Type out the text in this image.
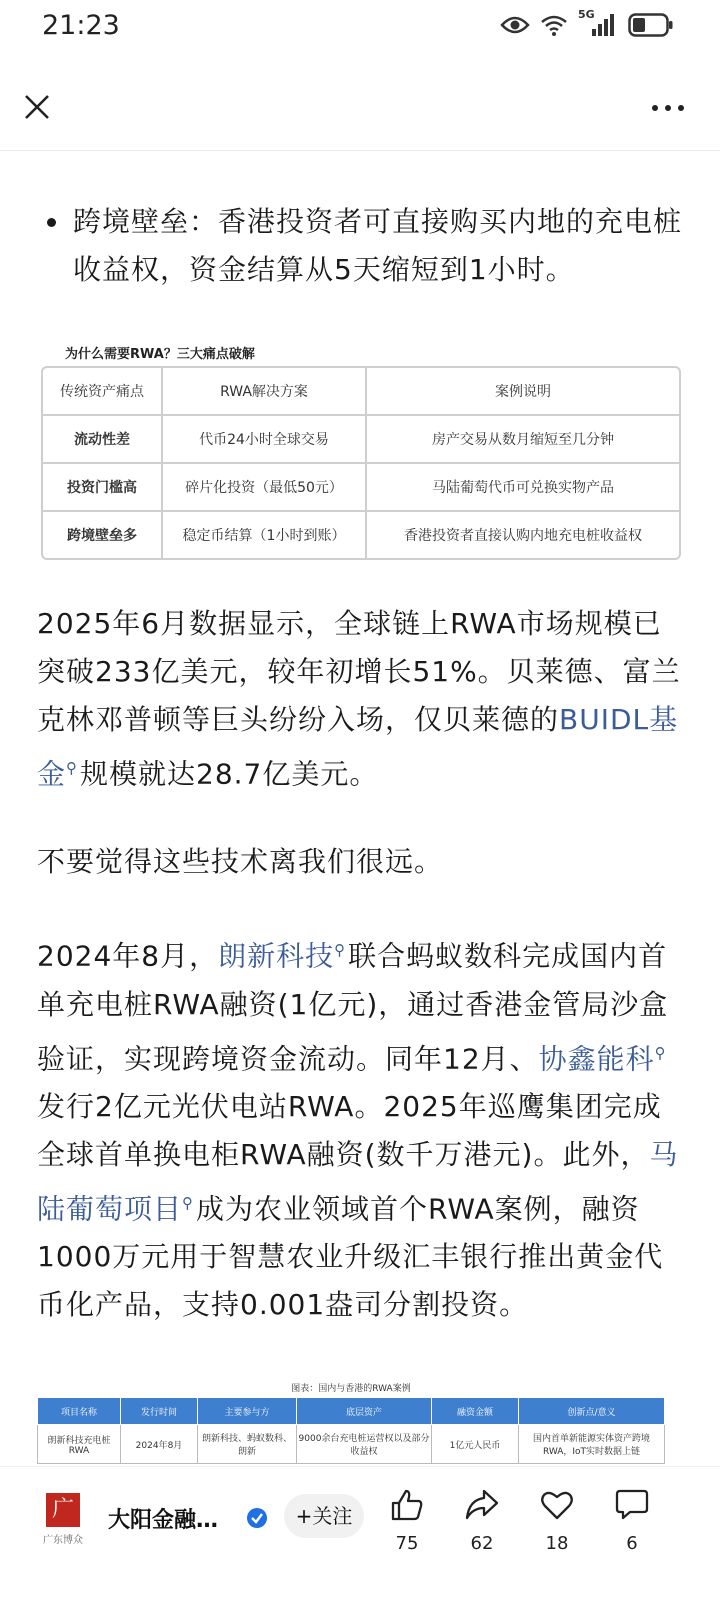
21:23	5G
跨境壁垒：香港投资者可直接购买内地的充电桩收益权，资金结算从5天缩短到1小时。
为什么需要RWA？三大痛点破解
传统资产痛点	RWA解决方案	案例说明
流动性差	代币24小时全球交易	房产交易从数月缩短至几分钟
投资门槛高	碎片化投资（最低50元）	马陆葡萄代币可兑换实物产品
跨境壁垒多	稳定币结算（1小时到账）	香港投资者直接认购内地充电桩收益权
2025年6月数据显示，全球链上RWA市场规模已突破233亿美元，较年初增长51%。贝莱德、富兰克林邓普顿等巨头纷纷入场，仅贝莱德的BUIDL基金⚲规模就达28.7亿美元。
不要觉得这些技术离我们很远。
2024年8月，朗新科技⚲联合蚂蚁数科完成国内首单充电桩RWA融资(1亿元)，通过香港金管局沙盒验证，实现跨境资金流动。同年12月、协鑫能科⚲发行2亿元光伏电站RWA。2025年巡鹰集团完成全球首单换电柜RWA融资(数千万港元)。此外，马陆葡萄项目⚲成为农业领域首个RWA案例，融资1000万元用于智慧农业升级汇丰银行推出黄金代币化产品，支持0.001盎司分割投资。
图表：国内与香港的RWA案例
项目名称	发行时间	主要参与方	底层资产	融资金额	创新点/意义
朗新科技充电桩RWA	2024年8月	朗新科技、蚂蚁数科、朗新	9000余台充电桩运营权以及部分收益权	1亿元人民币	国内首单新能源实体资产跨境RWA，IoT实时数据上链
广
广东博众
大阳金融…	+关注
75	62	18	6
